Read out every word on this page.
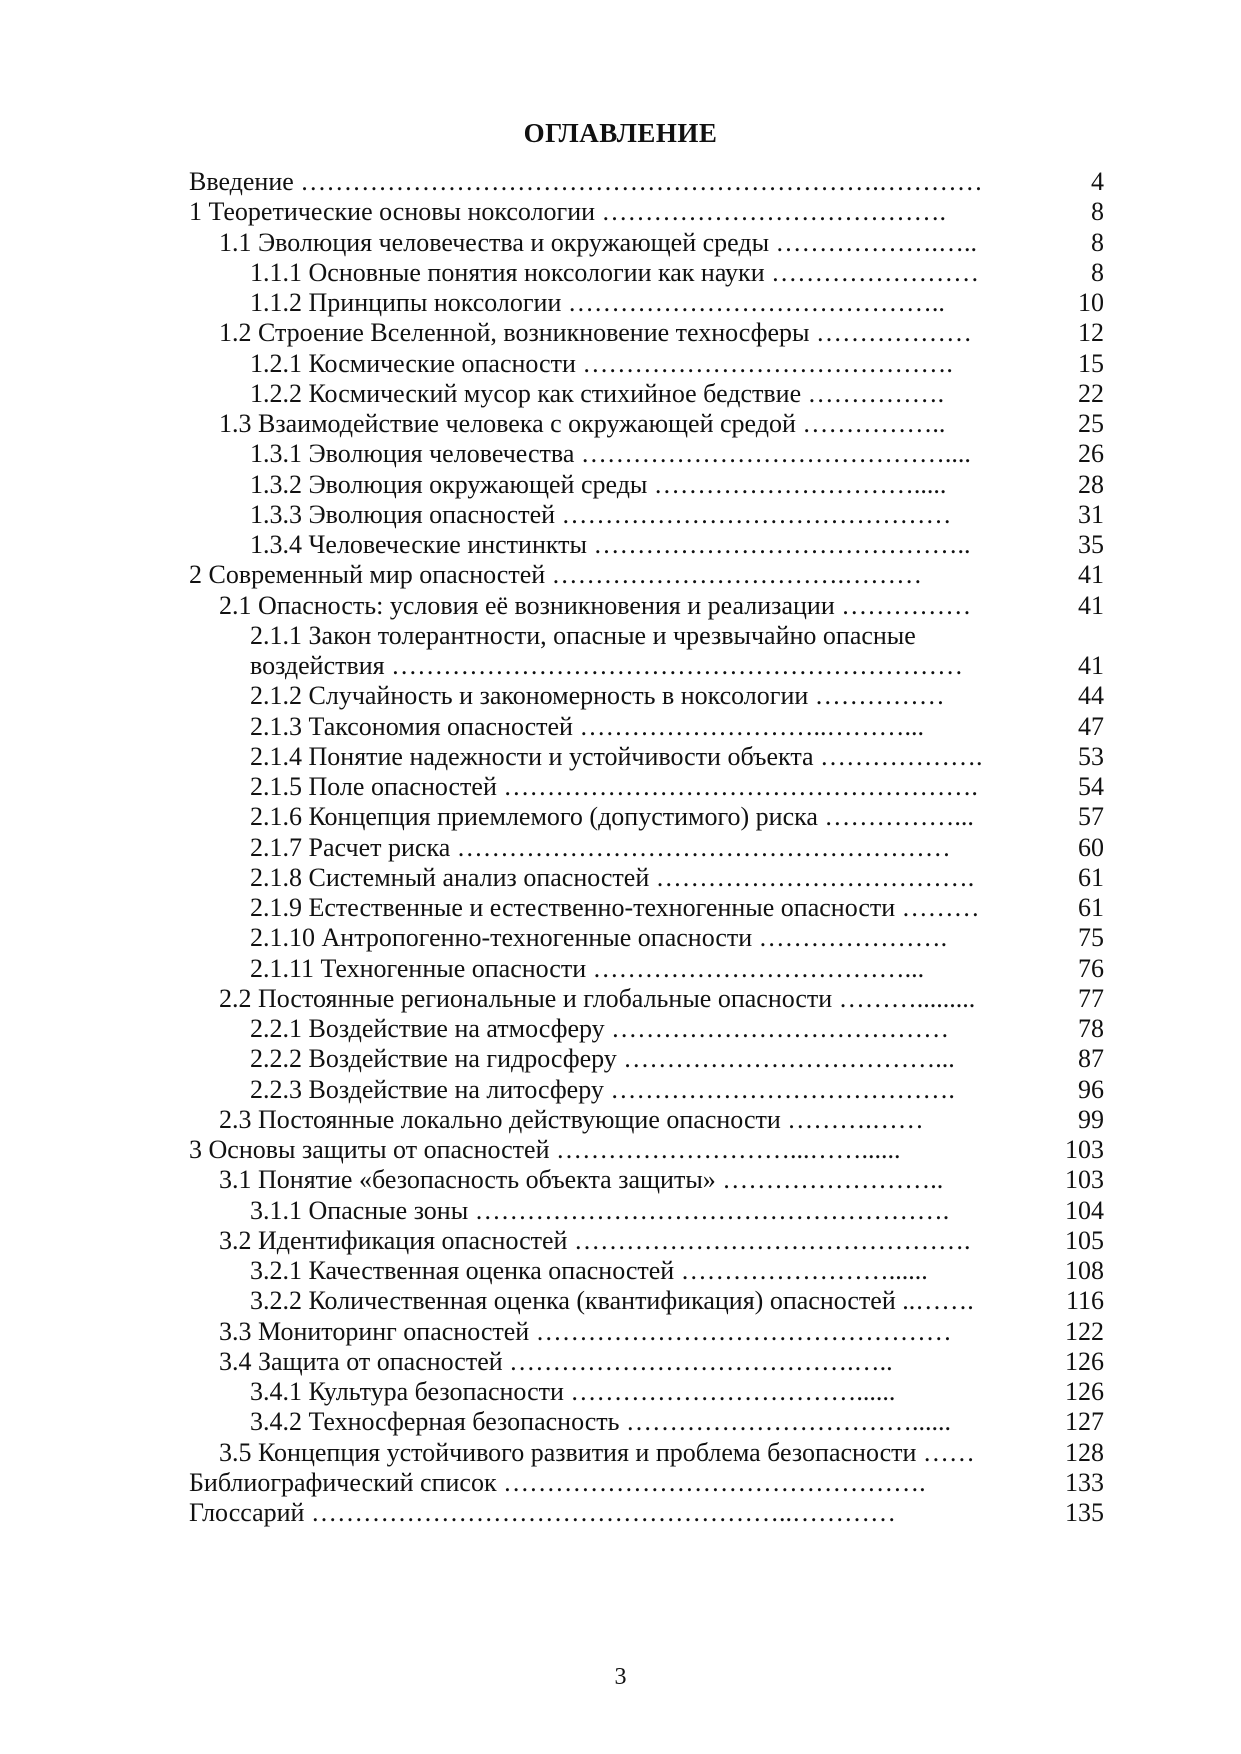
ОГЛАВЛЕНИЕ
Введение ………………………………………………………….…………	4
1 Теоретические основы ноксологии ………………………………….	8
1.1 Эволюция человечества и окружающей среды ……………….…..	8
1.1.1 Основные понятия ноксологии как науки ……………………	8
1.1.2 Принципы ноксологии ……………………………………..	10
1.2 Строение Вселенной, возникновение техносферы ………………	12
1.2.1 Космические опасности …………………………………….	15
1.2.2 Космический мусор как стихийное бедствие …………….	22
1.3 Взаимодействие человека с окружающей средой ……………..	25
1.3.1 Эволюция человечества ……………………………………....	26
1.3.2 Эволюция окружающей среды ………………………….....	28
1.3.3 Эволюция опасностей ………………………………………	31
1.3.4 Человеческие инстинкты ……………………………………..	35
2 Современный мир опасностей …………………………….………	41
2.1 Опасность: условия её возникновения и реализации ……………	41
2.1.1 Закон толерантности, опасные и чрезвычайно опасные
воздействия …………………………………………………………	41
2.1.2 Случайность и закономерность в ноксологии ……………	44
2.1.3 Таксономия опасностей ………………………..………...	47
2.1.4 Понятие надежности и устойчивости объекта ……………….	53
2.1.5 Поле опасностей ……………………………………………….	54
2.1.6 Концепция приемлемого (допустимого) риска ……………...	57
2.1.7 Расчет риска …………………………………………………	60
2.1.8 Системный анализ опасностей ……………………………….	61
2.1.9 Естественные и естественно-техногенные опасности ………	61
2.1.10 Антропогенно-техногенные опасности ………………….	75
2.1.11 Техногенные опасности ………………………………...	76
2.2 Постоянные региональные и глобальные опасности ……….........	77
2.2.1 Воздействие на атмосферу …………………………………	78
2.2.2 Воздействие на гидросферу ………………………………...	87
2.2.3 Воздействие на литосферу ………………………………….	96
2.3 Постоянные локально действующие опасности ……….……	99
3 Основы защиты от опасностей ………………………...……......	103
3.1 Понятие «безопасность объекта защиты» ……………………..	103
3.1.1 Опасные зоны ……………………………………………….	104
3.2 Идентификация опасностей ……………………………………….	105
3.2.1 Качественная оценка опасностей ……………………......	108
3.2.2 Количественная оценка (квантификация) опасностей ..…….	116
3.3 Мониторинг опасностей …………………………………………	122
3.4 Защита от опасностей ………………………………….…..	126
3.4.1 Культура безопасности ……………………………......	126
3.4.2 Техносферная безопасность ……………………………......	127
3.5 Концепция устойчивого развития и проблема безопасности ……	128
Библиографический список ………………………………………….	133
Глоссарий ………………………………………………..…………	135
3
